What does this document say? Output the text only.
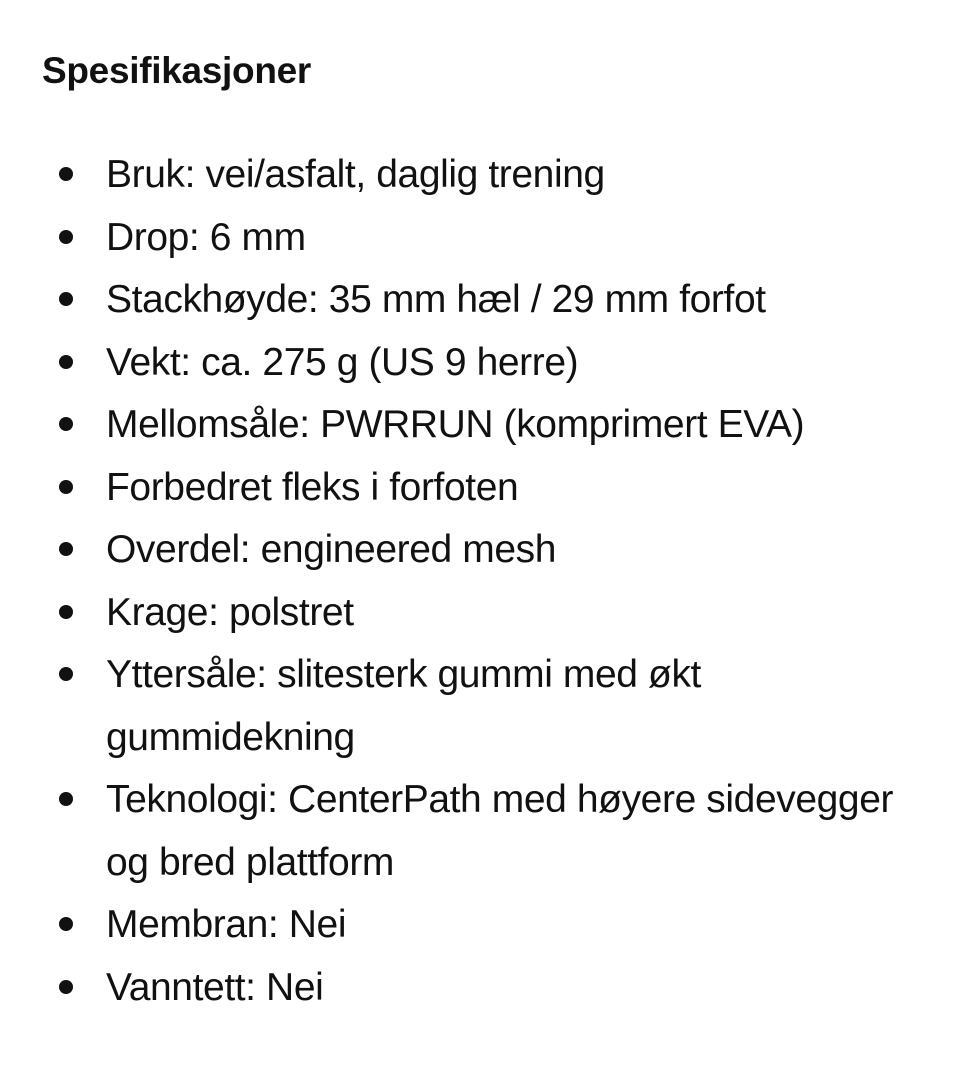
Spesifikasjoner
Bruk: vei/asfalt, daglig trening
Drop: 6 mm
Stackhøyde: 35 mm hæl / 29 mm forfot
Vekt: ca. 275 g (US 9 herre)
Mellomsåle: PWRRUN (komprimert EVA)
Forbedret fleks i forfoten
Overdel: engineered mesh
Krage: polstret
Yttersåle: slitesterk gummi med økt gummidekning
Teknologi: CenterPath med høyere sidevegger og bred plattform
Membran: Nei
Vanntett: Nei
